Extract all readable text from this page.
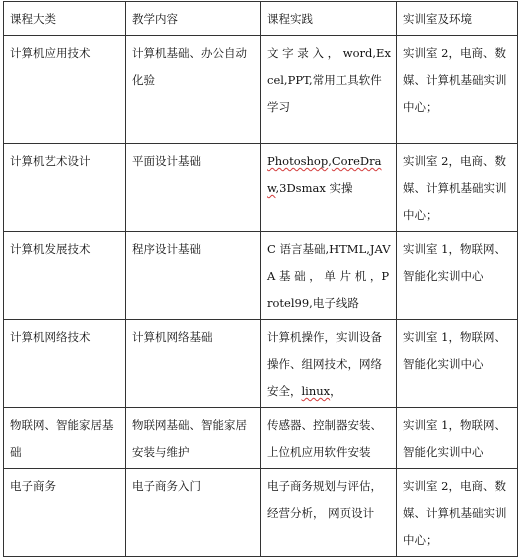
课程大类	教学内容	课程实践	实训室及环境
计算机应用技术	计算机基础、办公自动化验	文 字 录 入 ， word,Excel,PPT,常用工具软件学习	实训室 2，电商、数媒、计算机基础实训中心；
计算机艺术设计	平面设计基础	Photoshop,CoreDraw,3Dsmax 实操	实训室 2，电商、数媒、计算机基础实训中心；
计算机发展技术	程序设计基础	C 语言基础,HTML,JAVA 基 础 ， 单 片 机 ，Protel99,电子线路	实训室 1，物联网、智能化实训中心
计算机网络技术	计算机网络基础	计算机操作，实训设备操作、组网技术，网络安全，linux，	实训室 1，物联网、智能化实训中心
物联网、智能家居基础	物联网基础、智能家居安装与维护	传感器、控制器安装、上位机应用软件安装	实训室 1，物联网、智能化实训中心
电子商务	电子商务入门	电子商务规划与评估，经营分析， 网页设计	实训室 2，电商、数媒、计算机基础实训中心；
